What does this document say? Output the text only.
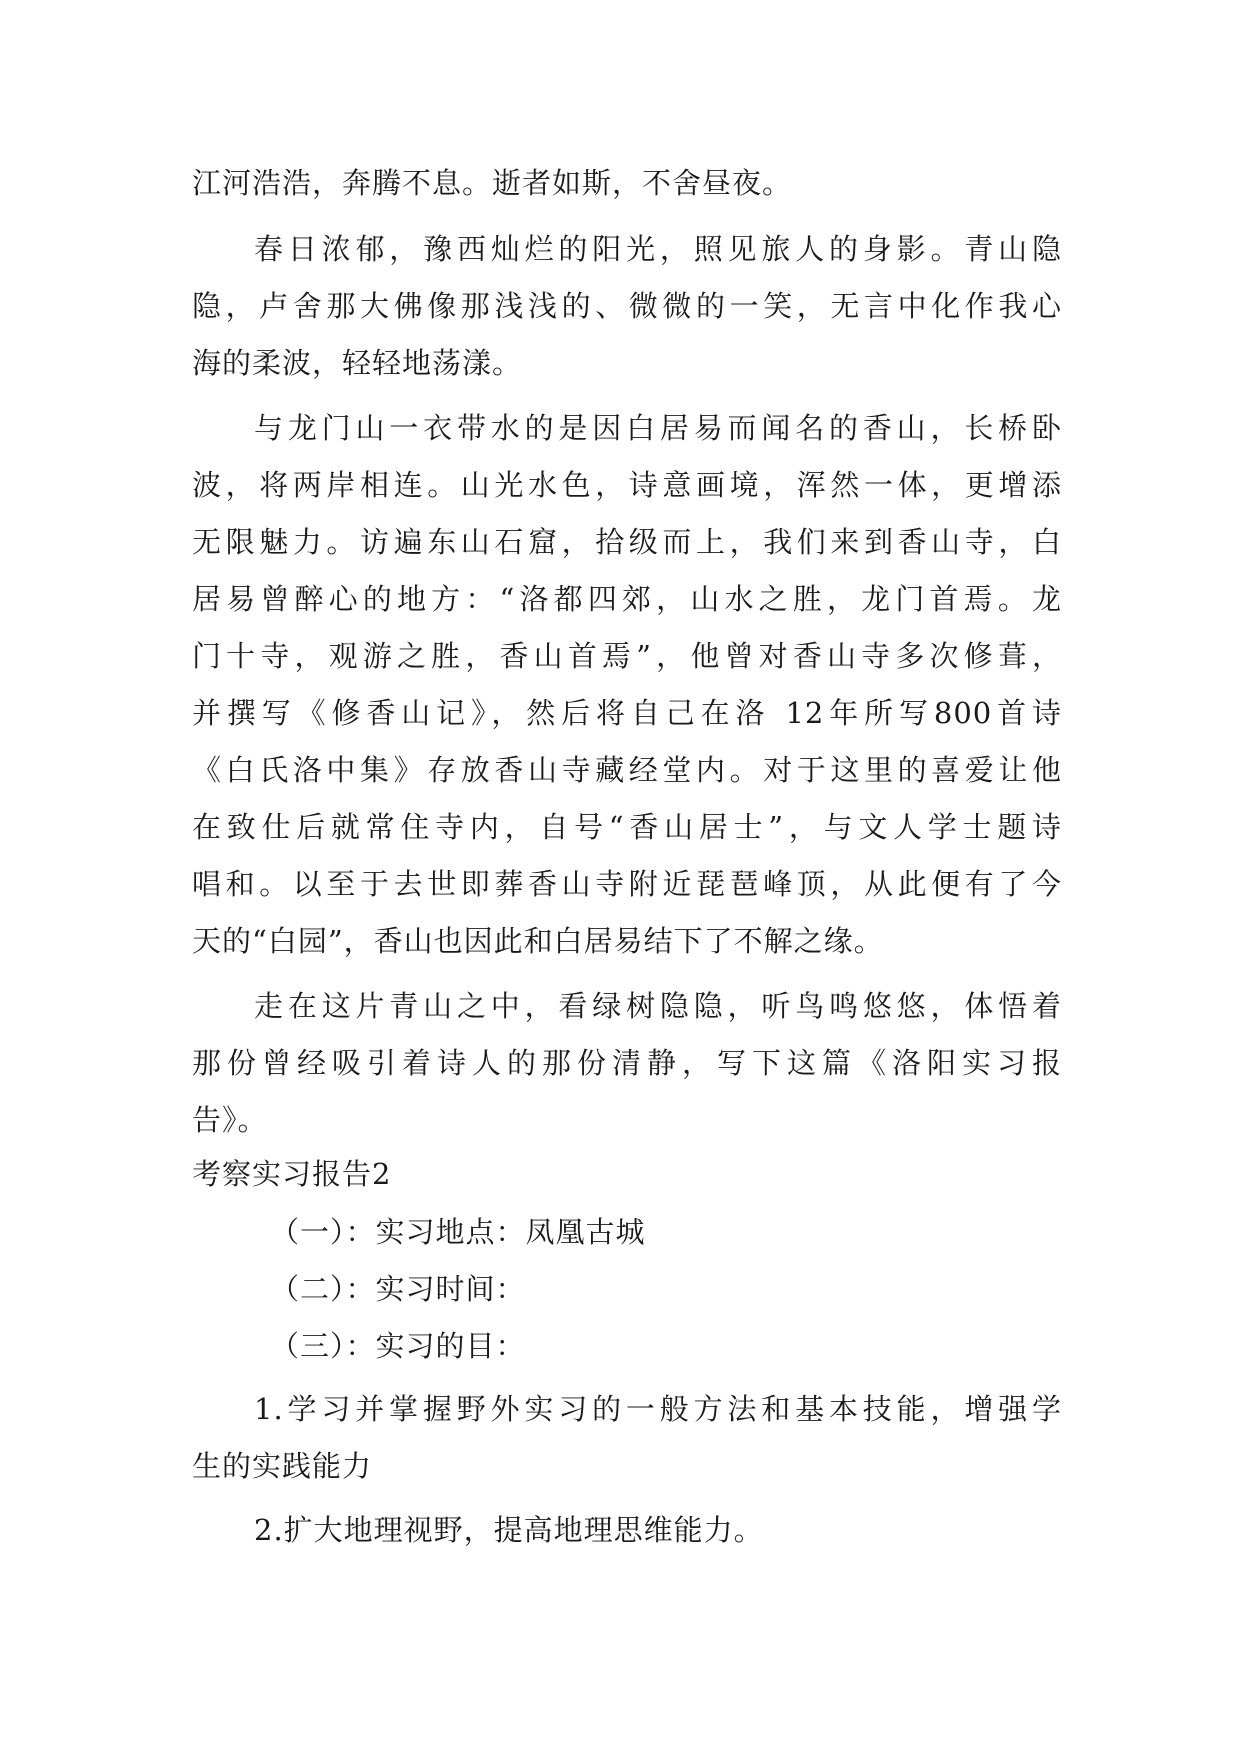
江河浩浩，奔腾不息。逝者如斯，不舍昼夜。
春日浓郁，豫西灿烂的阳光，照见旅人的身影。青山隐
隐，卢舍那大佛像那浅浅的、微微的一笑，无言中化作我心
海的柔波，轻轻地荡漾。
与龙门山一衣带水的是因白居易而闻名的香山，长桥卧
波，将两岸相连。山光水色，诗意画境，浑然一体，更增添
无限魅力。访遍东山石窟，拾级而上，我们来到香山寺，白
居易曾醉心的地方：“洛都四郊，山水之胜，龙门首焉。龙
门十寺，观游之胜，香山首焉”，他曾对香山寺多次修葺，
并撰写《修香山记》，然后将自己在洛 12年所写800首诗
《白氏洛中集》存放香山寺藏经堂内。对于这里的喜爱让他
在致仕后就常住寺内，自号“香山居士”，与文人学士题诗
唱和。以至于去世即葬香山寺附近琵琶峰顶，从此便有了今
天的“白园”，香山也因此和白居易结下了不解之缘。
走在这片青山之中，看绿树隐隐，听鸟鸣悠悠，体悟着
那份曾经吸引着诗人的那份清静，写下这篇《洛阳实习报
告》。
考察实习报告2
（一）：实习地点：凤凰古城
（二）：实习时间：
（三）：实习的目：
1.学习并掌握野外实习的一般方法和基本技能，增强学
生的实践能力
2.扩大地理视野，提高地理思维能力。
